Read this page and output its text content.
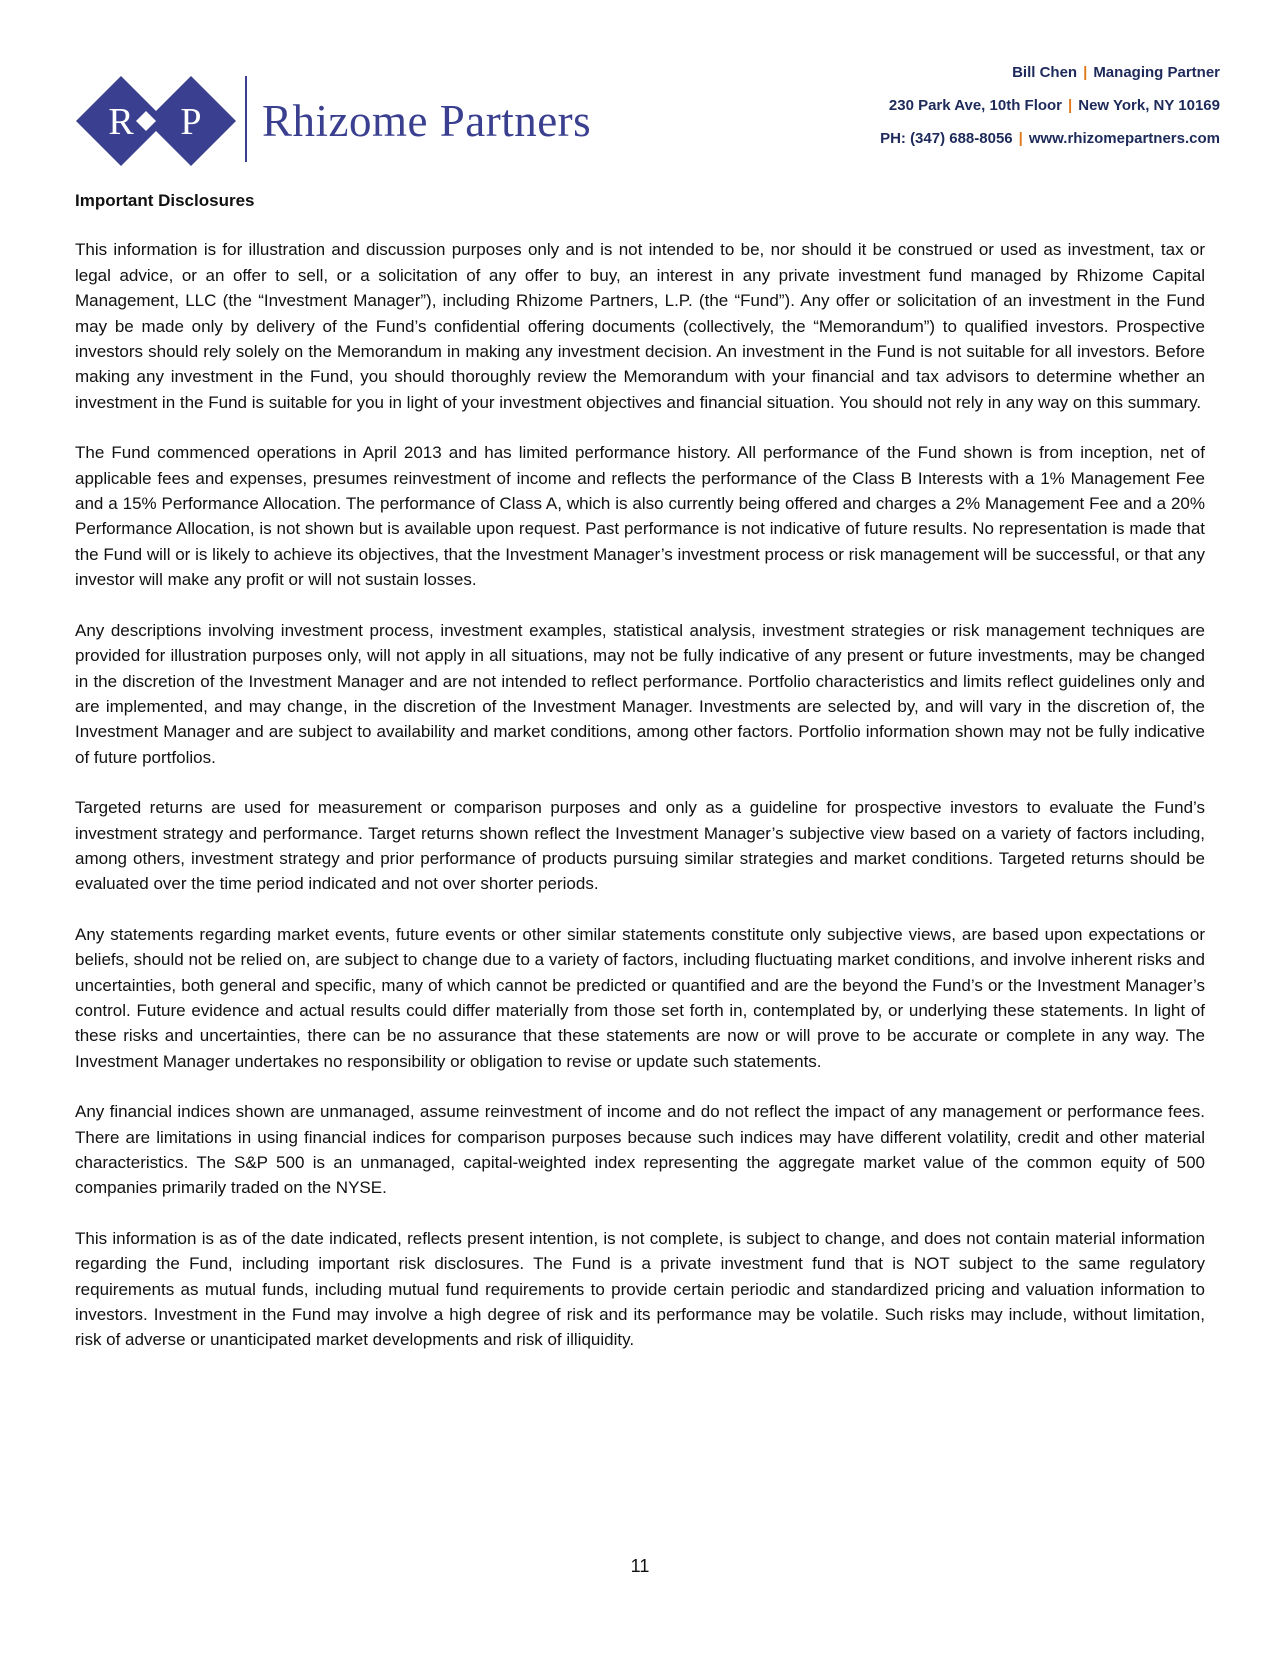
R P Rhizome Partners
Bill Chen | Managing Partner
230 Park Ave, 10th Floor | New York, NY 10169
PH: (347) 688-8056 | www.rhizomepartners.com
Important Disclosures

This information is for illustration and discussion purposes only and is not intended to be, nor should it be construed or used as investment, tax or legal advice, or an offer to sell, or a solicitation of any offer to buy, an interest in any private investment fund managed by Rhizome Capital Management, LLC (the “Investment Manager”), including Rhizome Partners, L.P. (the “Fund”). Any offer or solicitation of an investment in the Fund may be made only by delivery of the Fund’s confidential offering documents (collectively, the “Memorandum”) to qualified investors. Prospective investors should rely solely on the Memorandum in making any investment decision. An investment in the Fund is not suitable for all investors. Before making any investment in the Fund, you should thoroughly review the Memorandum with your financial and tax advisors to determine whether an investment in the Fund is suitable for you in light of your investment objectives and financial situation. You should not rely in any way on this summary.

The Fund commenced operations in April 2013 and has limited performance history. All performance of the Fund shown is from inception, net of applicable fees and expenses, presumes reinvestment of income and reflects the performance of the Class B Interests with a 1% Management Fee and a 15% Performance Allocation. The performance of Class A, which is also currently being offered and charges a 2% Management Fee and a 20% Performance Allocation, is not shown but is available upon request. Past performance is not indicative of future results. No representation is made that the Fund will or is likely to achieve its objectives, that the Investment Manager’s investment process or risk management will be successful, or that any investor will make any profit or will not sustain losses.

Any descriptions involving investment process, investment examples, statistical analysis, investment strategies or risk management techniques are provided for illustration purposes only, will not apply in all situations, may not be fully indicative of any present or future investments, may be changed in the discretion of the Investment Manager and are not intended to reflect performance. Portfolio characteristics and limits reflect guidelines only and are implemented, and may change, in the discretion of the Investment Manager. Investments are selected by, and will vary in the discretion of, the Investment Manager and are subject to availability and market conditions, among other factors. Portfolio information shown may not be fully indicative of future portfolios.

Targeted returns are used for measurement or comparison purposes and only as a guideline for prospective investors to evaluate the Fund’s investment strategy and performance. Target returns shown reflect the Investment Manager’s subjective view based on a variety of factors including, among others, investment strategy and prior performance of products pursuing similar strategies and market conditions. Targeted returns should be evaluated over the time period indicated and not over shorter periods.

Any statements regarding market events, future events or other similar statements constitute only subjective views, are based upon expectations or beliefs, should not be relied on, are subject to change due to a variety of factors, including fluctuating market conditions, and involve inherent risks and uncertainties, both general and specific, many of which cannot be predicted or quantified and are the beyond the Fund’s or the Investment Manager’s control. Future evidence and actual results could differ materially from those set forth in, contemplated by, or underlying these statements. In light of these risks and uncertainties, there can be no assurance that these statements are now or will prove to be accurate or complete in any way. The Investment Manager undertakes no responsibility or obligation to revise or update such statements.

Any financial indices shown are unmanaged, assume reinvestment of income and do not reflect the impact of any management or performance fees. There are limitations in using financial indices for comparison purposes because such indices may have different volatility, credit and other material characteristics. The S&P 500 is an unmanaged, capital-weighted index representing the aggregate market value of the common equity of 500 companies primarily traded on the NYSE.

This information is as of the date indicated, reflects present intention, is not complete, is subject to change, and does not contain material information regarding the Fund, including important risk disclosures. The Fund is a private investment fund that is NOT subject to the same regulatory requirements as mutual funds, including mutual fund requirements to provide certain periodic and standardized pricing and valuation information to investors. Investment in the Fund may involve a high degree of risk and its performance may be volatile. Such risks may include, without limitation, risk of adverse or unanticipated market developments and risk of illiquidity.

11
